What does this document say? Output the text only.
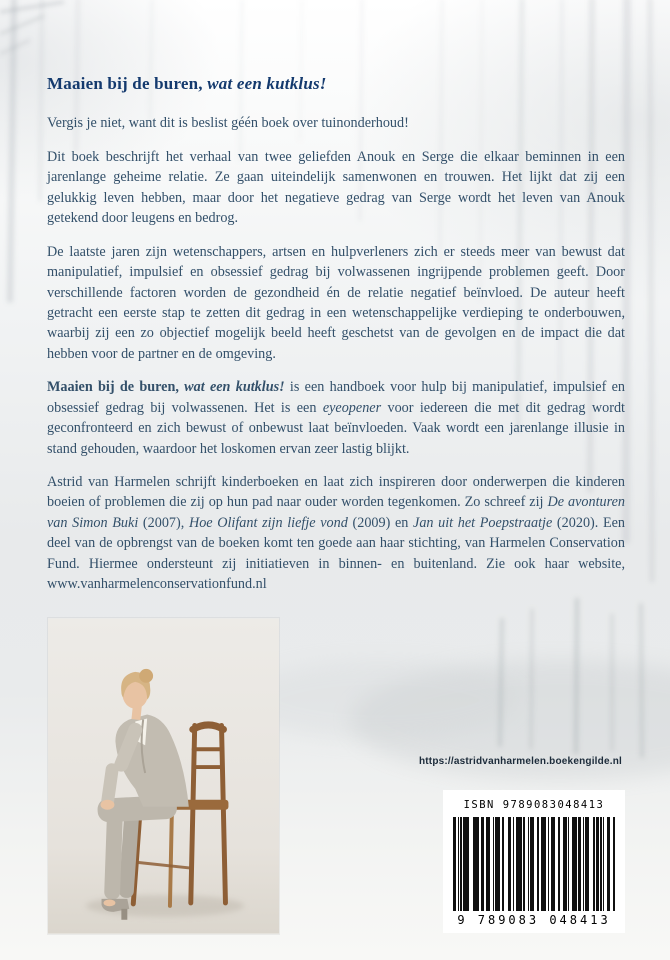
Maaien bij de buren, wat een kutklus!

Vergis je niet, want dit is beslist géén boek over tuinonderhoud!

Dit boek beschrijft het verhaal van twee geliefden Anouk en Serge die elkaar beminnen in een jarenlange geheime relatie. Ze gaan uiteindelijk samenwonen en trouwen. Het lijkt dat zij een gelukkig leven hebben, maar door het negatieve gedrag van Serge wordt het leven van Anouk getekend door leugens en bedrog.

De laatste jaren zijn wetenschappers, artsen en hulpverleners zich er steeds meer van bewust dat manipulatief, impulsief en obsessief gedrag bij volwassenen ingrijpende problemen geeft. Door verschillende factoren worden de gezondheid én de relatie negatief beïnvloed. De auteur heeft getracht een eerste stap te zetten dit gedrag in een wetenschappelijke verdieping te onderbouwen, waarbij zij een zo objectief mogelijk beeld heeft geschetst van de gevolgen en de impact die dat hebben voor de partner en de omgeving.

Maaien bij de buren, wat een kutklus! is een handboek voor hulp bij manipulatief, impulsief en obsessief gedrag bij volwassenen. Het is een eyeopener voor iedereen die met dit gedrag wordt geconfronteerd en zich bewust of onbewust laat beïnvloeden. Vaak wordt een jarenlange illusie in stand gehouden, waardoor het loskomen ervan zeer lastig blijkt.

Astrid van Harmelen schrijft kinderboeken en laat zich inspireren door onderwerpen die kinderen boeien of problemen die zij op hun pad naar ouder worden tegenkomen. Zo schreef zij De avonturen van Simon Buki (2007), Hoe Olifant zijn liefje vond (2009) en Jan uit het Poepstraatje (2020). Een deel van de opbrengst van de boeken komt ten goede aan haar stichting, van Harmelen Conservation Fund. Hiermee ondersteunt zij initiatieven in binnen- en buitenland. Zie ook haar website, www.vanharmelenconservationfund.nl

https://astridvanharmelen.boekengilde.nl
ISBN 9789083048413
9 789083 048413
